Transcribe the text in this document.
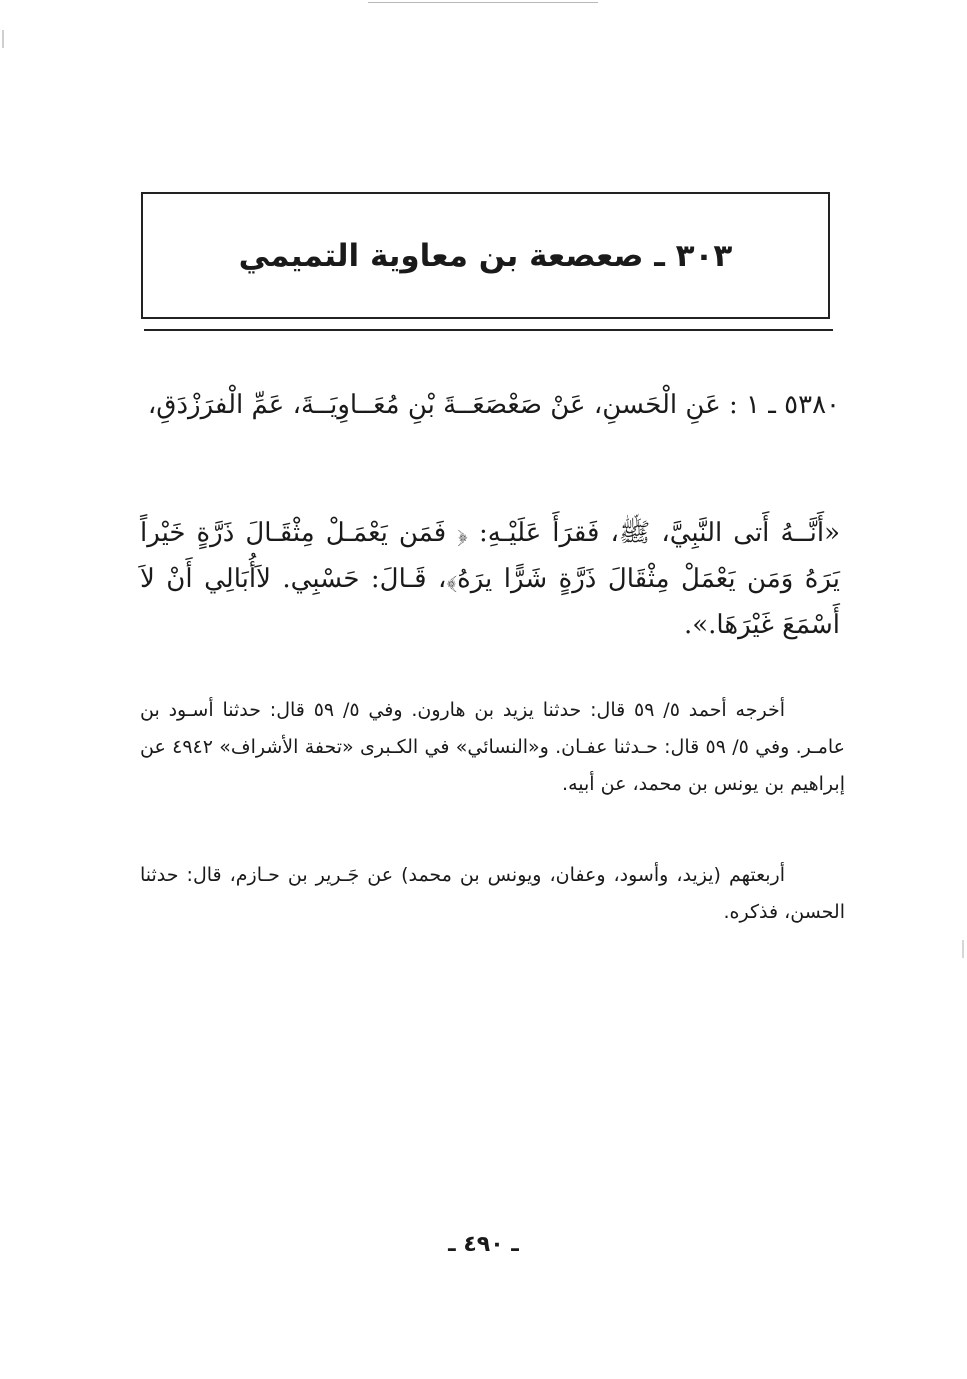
٣٠٣ ـ صعصعة بن معاوية التميمي

٥٣٨٠ ـ ١ : عَنِ الْحَسنِ، عَنْ صَعْصَعَــةَ بْنِ مُعَــاوِيَــةَ، عَمِّ الْفرَزْدَقِ،

«أَنَّــهُ أَتى النَّبِيَّ، ﷺ، فَقرَأَ عَلَيْـهِ: ﴿ فَمَن يَعْمَـلْ مِثْقَـالَ ذَرَّةٍ خَيْراً يَرَهُ وَمَن يَعْمَلْ مِثْقَالَ ذَرَّةٍ شَرًّا يرَهُ﴾، قَـالَ: حَسْبِي. لاَأُبَالِي أَنْ لاَ أَسْمَعَ غَيْرَهَا.».

أخرجه أحمد ٥/ ٥٩ قال: حدثنا يزيد بن هارون. وفي ٥/ ٥٩ قال: حدثنا أسـود بن عامـر. وفي ٥/ ٥٩ قال: حـدثنا عفـان. و«النسائي» في الكـبرى «تحفة الأشراف» ٤٩٤٢ عن إبراهيم بن يونس بن محمد، عن أبيه.

أربعتهم (يزيد، وأسود، وعفان، ويونس بن محمد) عن جَـرير بن حـازم، قال: حدثنا الحسن، فذكره.

ـ ٤٩٠ ـ
